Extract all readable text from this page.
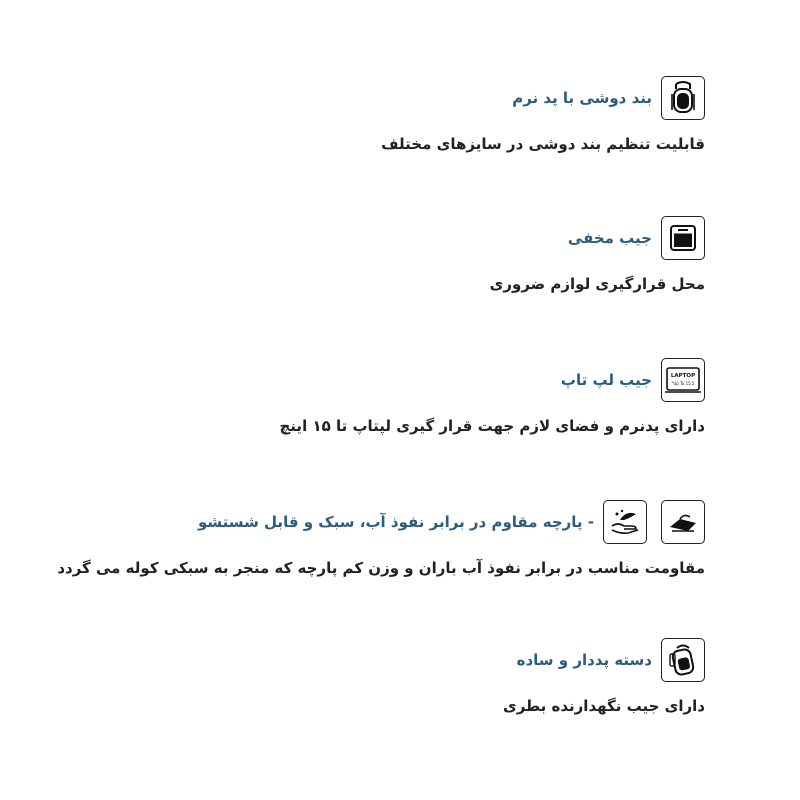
بند دوشی با پد نرم
قابلیت تنظیم بند دوشی در سایزهای مختلف
جیب مخفی
محل قرارگیری لوازم ضروری
LAPTOP
Up To 15.5"
جیب لپ تاپ
دارای پدنرم و فضای لازم جهت قرار گیری لپتاپ تا ۱۵ اینچ
- پارچه مقاوم در برابر نفوذ آب، سبک و قابل شستشو
مقاومت مناسب در برابر نفوذ آب باران و وزن کم پارچه که منجر به سبکی کوله می گردد
دسته پددار و ساده
دارای جیب نگهدارنده بطری
